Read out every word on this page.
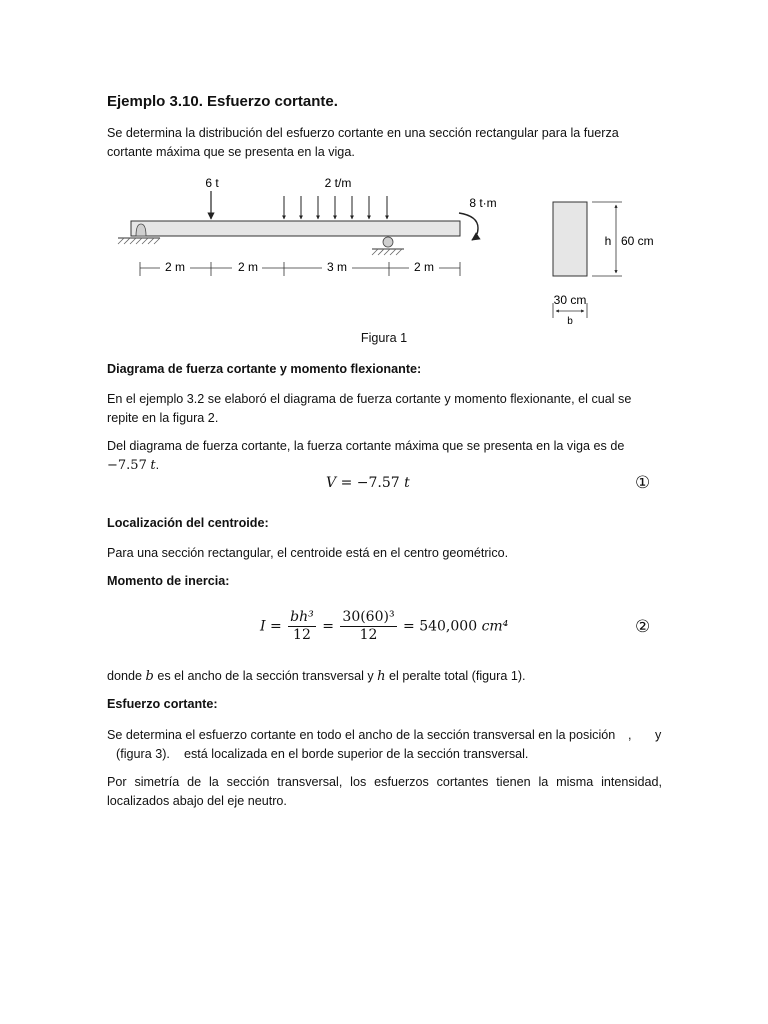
Ejemplo 3.10. Esfuerzo cortante.
Se determina la distribución del esfuerzo cortante en una sección rectangular para la fuerza cortante máxima que se presenta en la viga.
6 t	2 t/m
8 t·m
2 m	2 m	3 m	2 m
h 60 cm
30 cm
b
Figura 1
Diagrama de fuerza cortante y momento flexionante:
En el ejemplo 3.2 se elaboró el diagrama de fuerza cortante y momento flexionante, el cual se repite en la figura 2.
Del diagrama de fuerza cortante, la fuerza cortante máxima que se presenta en la viga es de −7.57 t.
V = −7.57 t	①
Localización del centroide:
Para una sección rectangular, el centroide está en el centro geométrico.
Momento de inercia:
$I = \frac{\text{bh³}}{12} = \frac{\text{30(60)³}}{12} = 540,000$ cm⁴	②
donde b es el ancho de la sección transversal y h el peralte total (figura 1).
Esfuerzo cortante:
Se determina el esfuerzo cortante en todo el ancho de la sección transversal en la posición , y
(figura 3). está localizada en el borde superior de la sección transversal.
Por simetría de la sección transversal, los esfuerzos cortantes tienen la misma intensidad, localizados abajo del eje neutro.
